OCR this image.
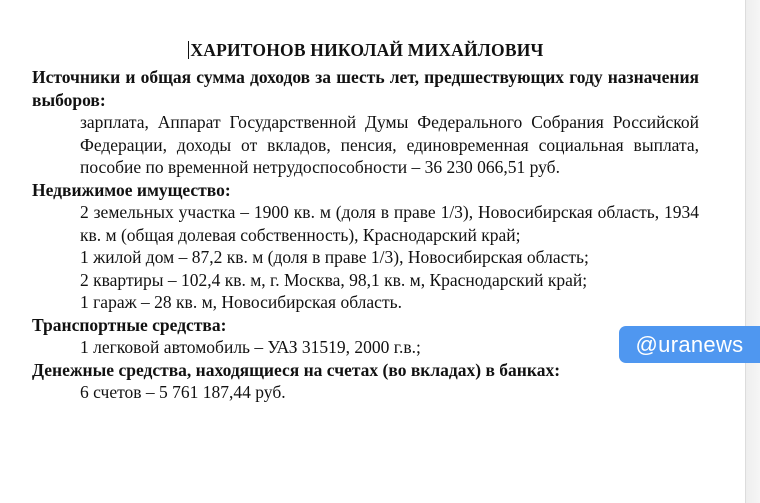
ХАРИТОНОВ НИКОЛАЙ МИХАЙЛОВИЧ

Источники и общая сумма доходов за шесть лет, предшествующих году назначения выборов:

зарплата, Аппарат Государственной Думы Федерального Собрания Российской Федерации, доходы от вкладов, пенсия, единовременная социальная выплата, пособие по временной нетрудоспособности – 36 230 066,51 руб.

Недвижимое имущество:

2 земельных участка – 1900 кв. м (доля в праве 1/3), Новосибирская область, 1934 кв. м (общая долевая собственность), Краснодарский край;

1 жилой дом – 87,2 кв. м (доля в праве 1/3), Новосибирская область;

2 квартиры – 102,4 кв. м, г. Москва, 98,1 кв. м, Краснодарский край;

1 гараж – 28 кв. м, Новосибирская область.

Транспортные средства:

1 легковой автомобиль – УАЗ 31519, 2000 г.в.;

Денежные средства, находящиеся на счетах (во вкладах) в банках:

6 счетов – 5 761 187,44 руб.

@uranews
